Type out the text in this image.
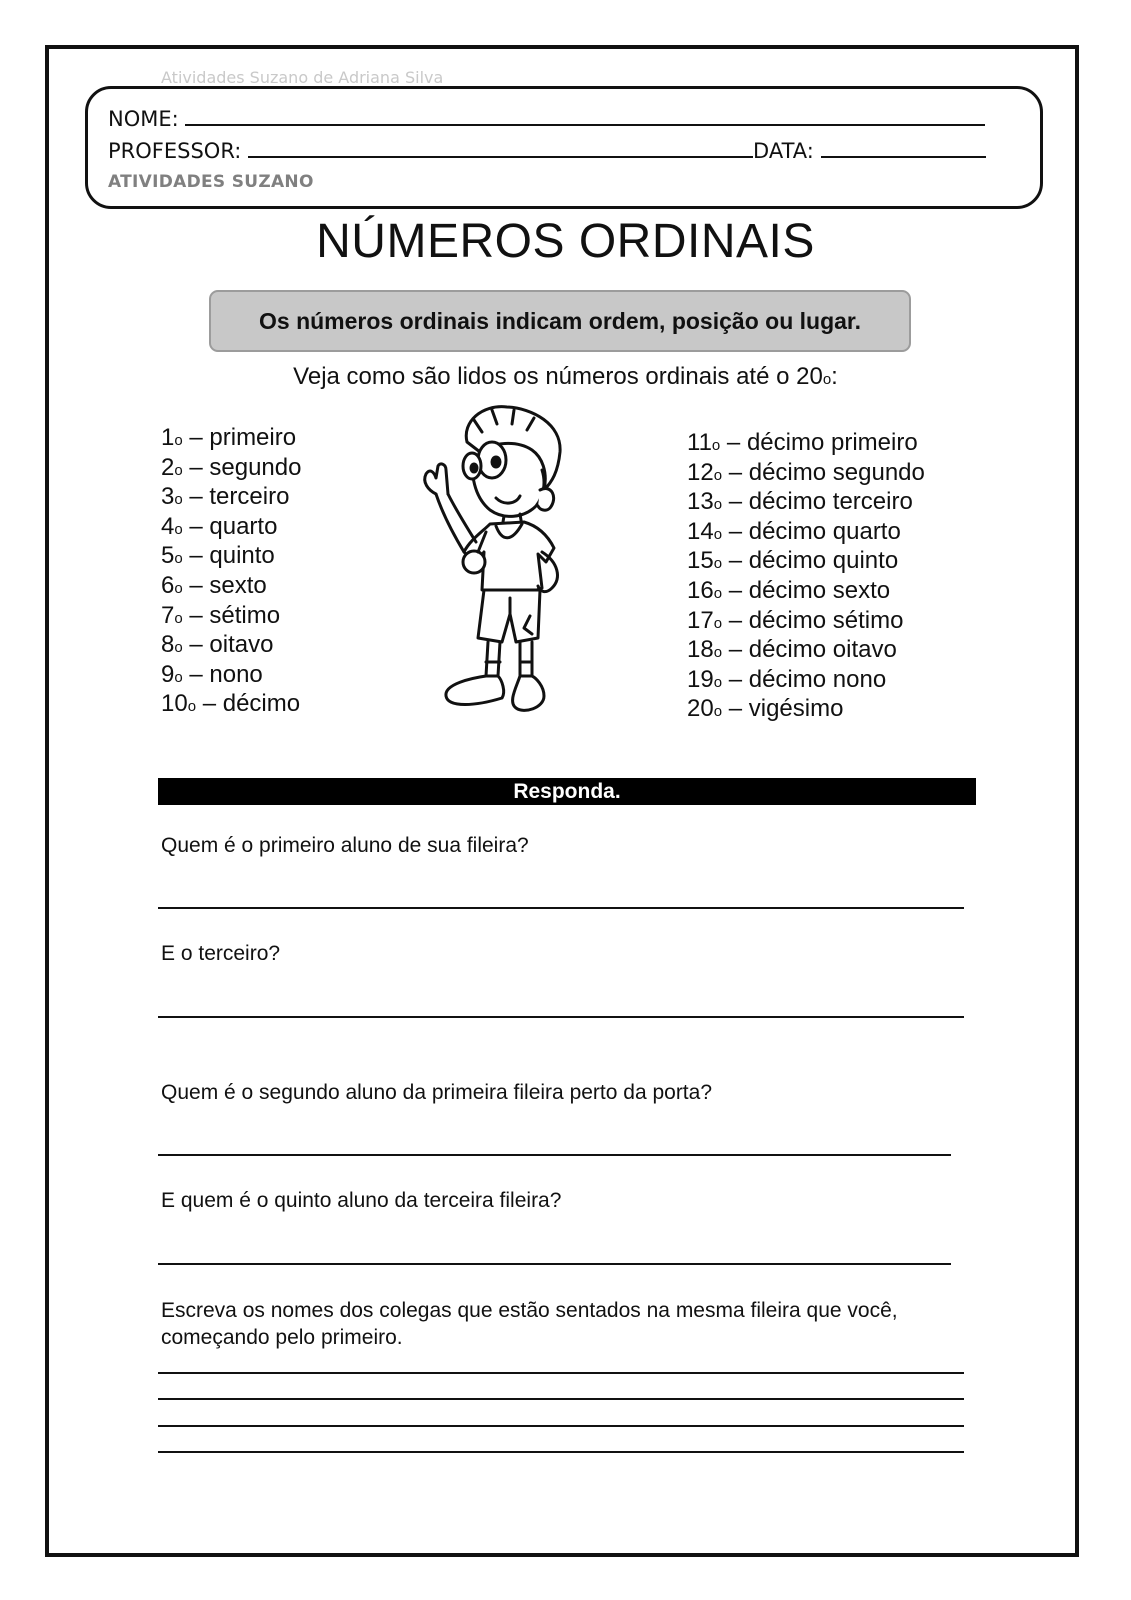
Atividades Suzano de Adriana Silva
NOME:
PROFESSOR:	DATA:
ATIVIDADES SUZANO
NÚMEROS ORDINAIS
Os números ordinais indicam ordem, posição ou lugar.
Veja como são lidos os números ordinais até o 20o:
1o – primeiro
2o – segundo
3o – terceiro
4o – quarto
5o – quinto
6o – sexto
7o – sétimo
8o – oitavo
9o – nono
10o – décimo
11o – décimo primeiro
12o – décimo segundo
13o – décimo terceiro
14o – décimo quarto
15o – décimo quinto
16o – décimo sexto
17o – décimo sétimo
18o – décimo oitavo
19o – décimo nono
20o – vigésimo
Responda.
Quem é o primeiro aluno de sua fileira?
E o terceiro?
Quem é o segundo aluno da primeira fileira perto da porta?
E quem é o quinto aluno da terceira fileira?
Escreva os nomes dos colegas que estão sentados na mesma fileira que você,
começando pelo primeiro.
